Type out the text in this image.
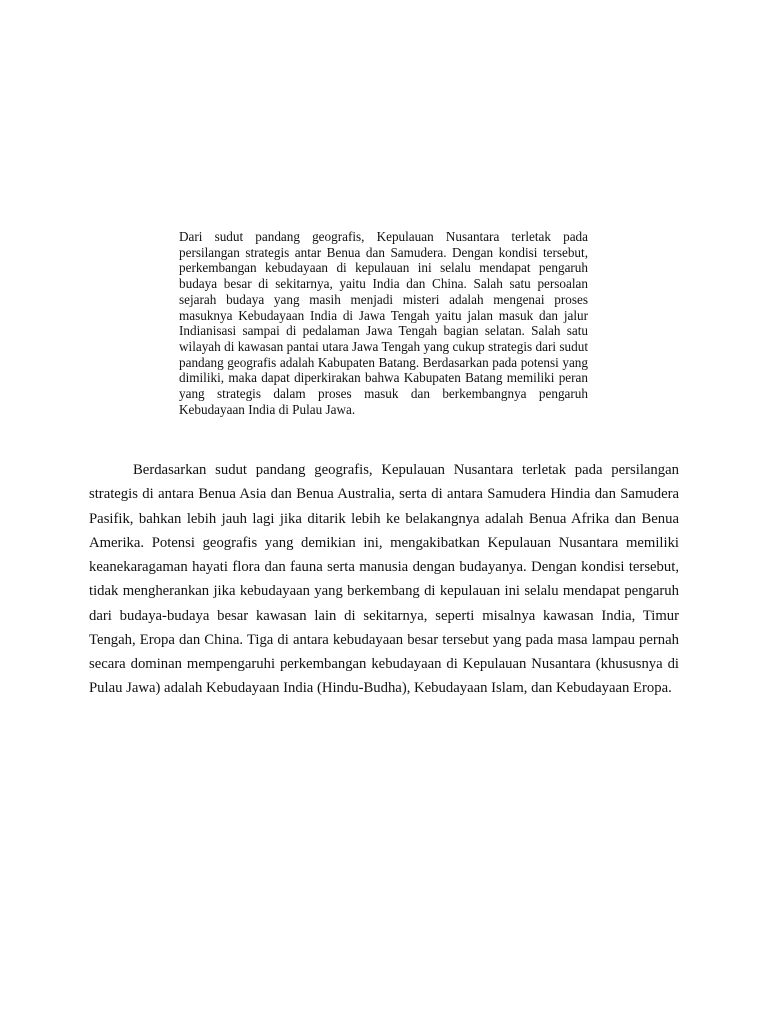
Dari sudut pandang geografis, Kepulauan Nusantara terletak pada persilangan strategis antar Benua dan Samudera. Dengan kondisi tersebut, perkembangan kebudayaan di kepulauan ini selalu mendapat pengaruh budaya besar di sekitarnya, yaitu India dan China. Salah satu persoalan sejarah budaya yang masih menjadi misteri adalah mengenai proses masuknya Kebudayaan India di Jawa Tengah yaitu jalan masuk dan jalur Indianisasi sampai di pedalaman Jawa Tengah bagian selatan. Salah satu wilayah di kawasan pantai utara Jawa Tengah yang cukup strategis dari sudut pandang geografis adalah Kabupaten Batang. Berdasarkan pada potensi yang dimiliki, maka dapat diperkirakan bahwa Kabupaten Batang memiliki peran yang strategis dalam proses masuk dan berkembangnya pengaruh Kebudayaan India di Pulau Jawa.

Berdasarkan sudut pandang geografis, Kepulauan Nusantara terletak pada persilangan strategis di antara Benua Asia dan Benua Australia, serta di antara Samudera Hindia dan Samudera Pasifik, bahkan lebih jauh lagi jika ditarik lebih ke belakangnya adalah Benua Afrika dan Benua Amerika. Potensi geografis yang demikian ini, mengakibatkan Kepulauan Nusantara memiliki keanekaragaman hayati flora dan fauna serta manusia dengan budayanya. Dengan kondisi tersebut, tidak mengherankan jika kebudayaan yang berkembang di kepulauan ini selalu mendapat pengaruh dari budaya-budaya besar kawasan lain di sekitarnya, seperti misalnya kawasan India, Timur Tengah, Eropa dan China. Tiga di antara kebudayaan besar tersebut yang pada masa lampau pernah secara dominan mempengaruhi perkembangan kebudayaan di Kepulauan Nusantara (khususnya di Pulau Jawa) adalah Kebudayaan India (Hindu-Budha), Kebudayaan Islam, dan Kebudayaan Eropa.
